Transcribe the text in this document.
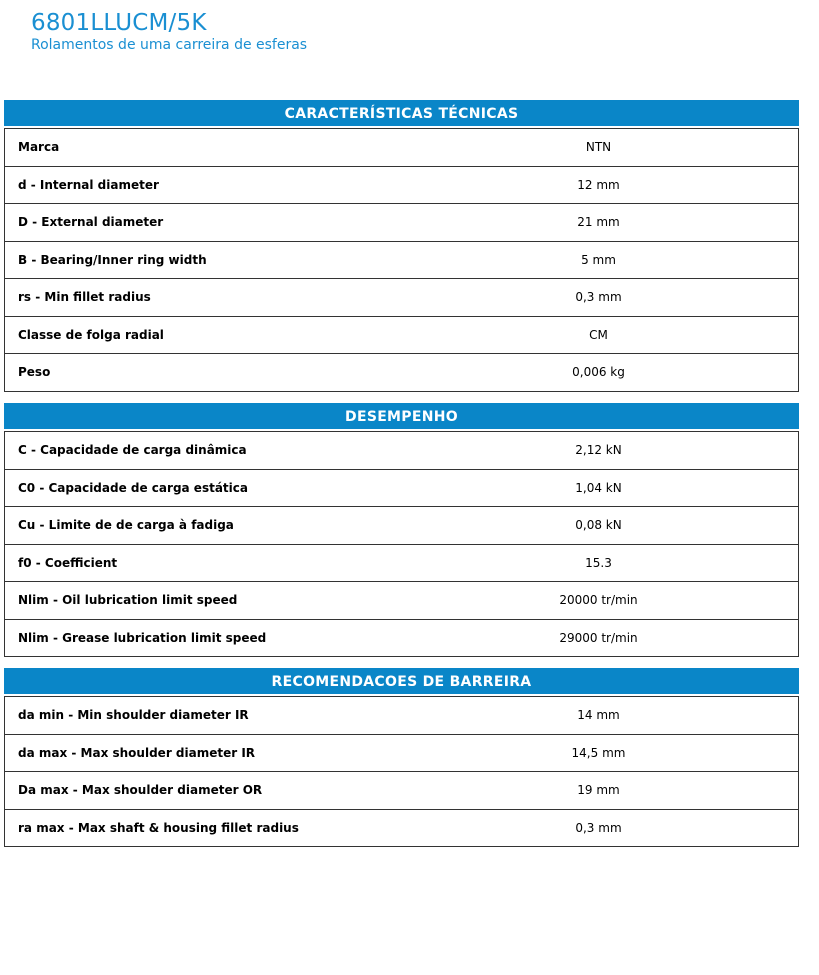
6801LLUCM/5K

Rolamentos de uma carreira de esferas

CARACTERÍSTICAS TÉCNICAS
Marca	NTN
d - Internal diameter	12 mm
D - External diameter	21 mm
B - Bearing/Inner ring width	5 mm
rs - Min fillet radius	0,3 mm
Classe de folga radial	CM
Peso	0,006 kg
DESEMPENHO
C - Capacidade de carga dinâmica	2,12 kN
C0 - Capacidade de carga estática	1,04 kN
Cu - Limite de de carga à fadiga	0,08 kN
f0 - Coefficient	15.3
Nlim - Oil lubrication limit speed	20000 tr/min
Nlim - Grease lubrication limit speed	29000 tr/min
RECOMENDACOES DE BARREIRA
da min - Min shoulder diameter IR	14 mm
da max - Max shoulder diameter IR	14,5 mm
Da max - Max shoulder diameter OR	19 mm
ra max - Max shaft & housing fillet radius	0,3 mm
